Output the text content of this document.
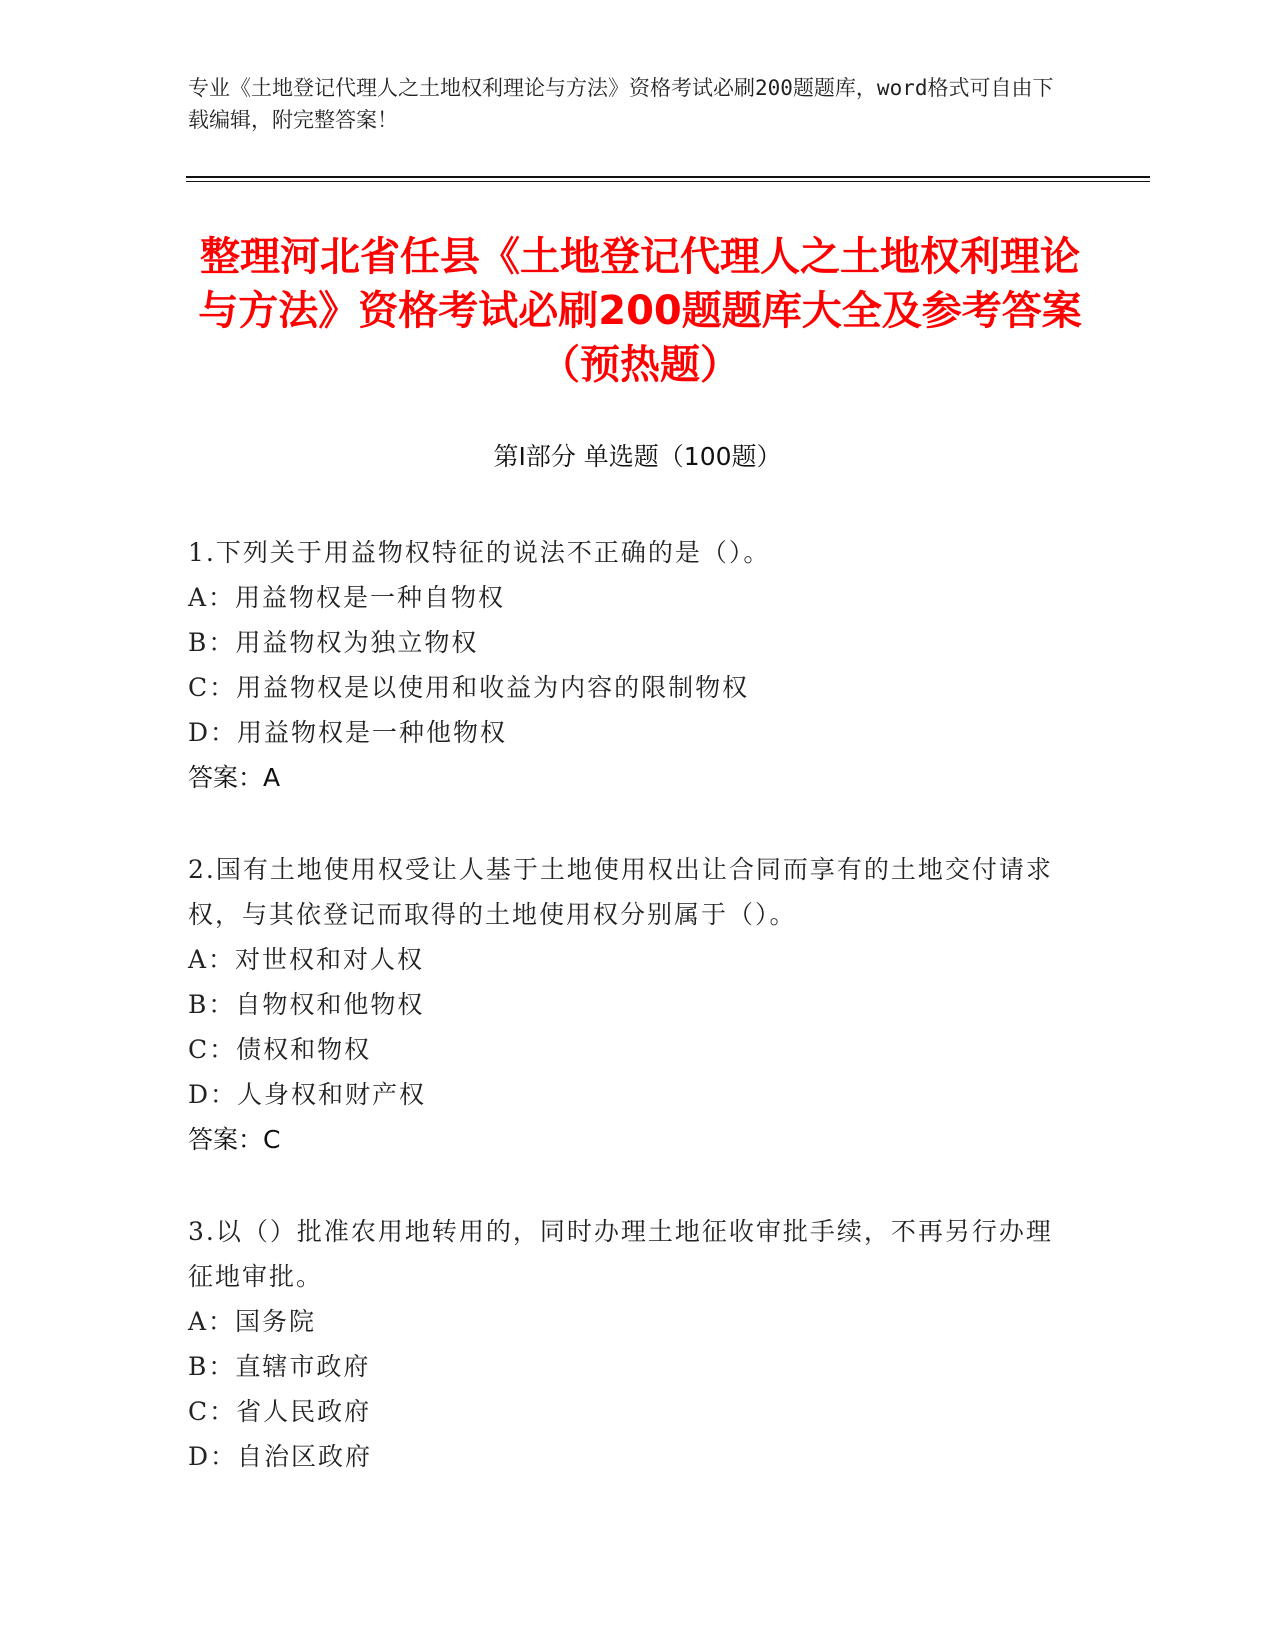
专业《土地登记代理人之土地权利理论与方法》资格考试必刷200题题库，word格式可自由下载编辑，附完整答案！
整理河北省任县《土地登记代理人之土地权利理论与方法》资格考试必刷200题题库大全及参考答案（预热题）
第Ⅰ部分 单选题（100题）
1.下列关于用益物权特征的说法不正确的是（）。
A：用益物权是一种自物权
B：用益物权为独立物权
C：用益物权是以使用和收益为内容的限制物权
D：用益物权是一种他物权
答案：A
2.国有土地使用权受让人基于土地使用权出让合同而享有的土地交付请求权，与其依登记而取得的土地使用权分别属于（）。
A：对世权和对人权
B：自物权和他物权
C：债权和物权
D：人身权和财产权
答案：C
3.以（）批准农用地转用的，同时办理土地征收审批手续，不再另行办理征地审批。
A：国务院
B：直辖市政府
C：省人民政府
D：自治区政府
